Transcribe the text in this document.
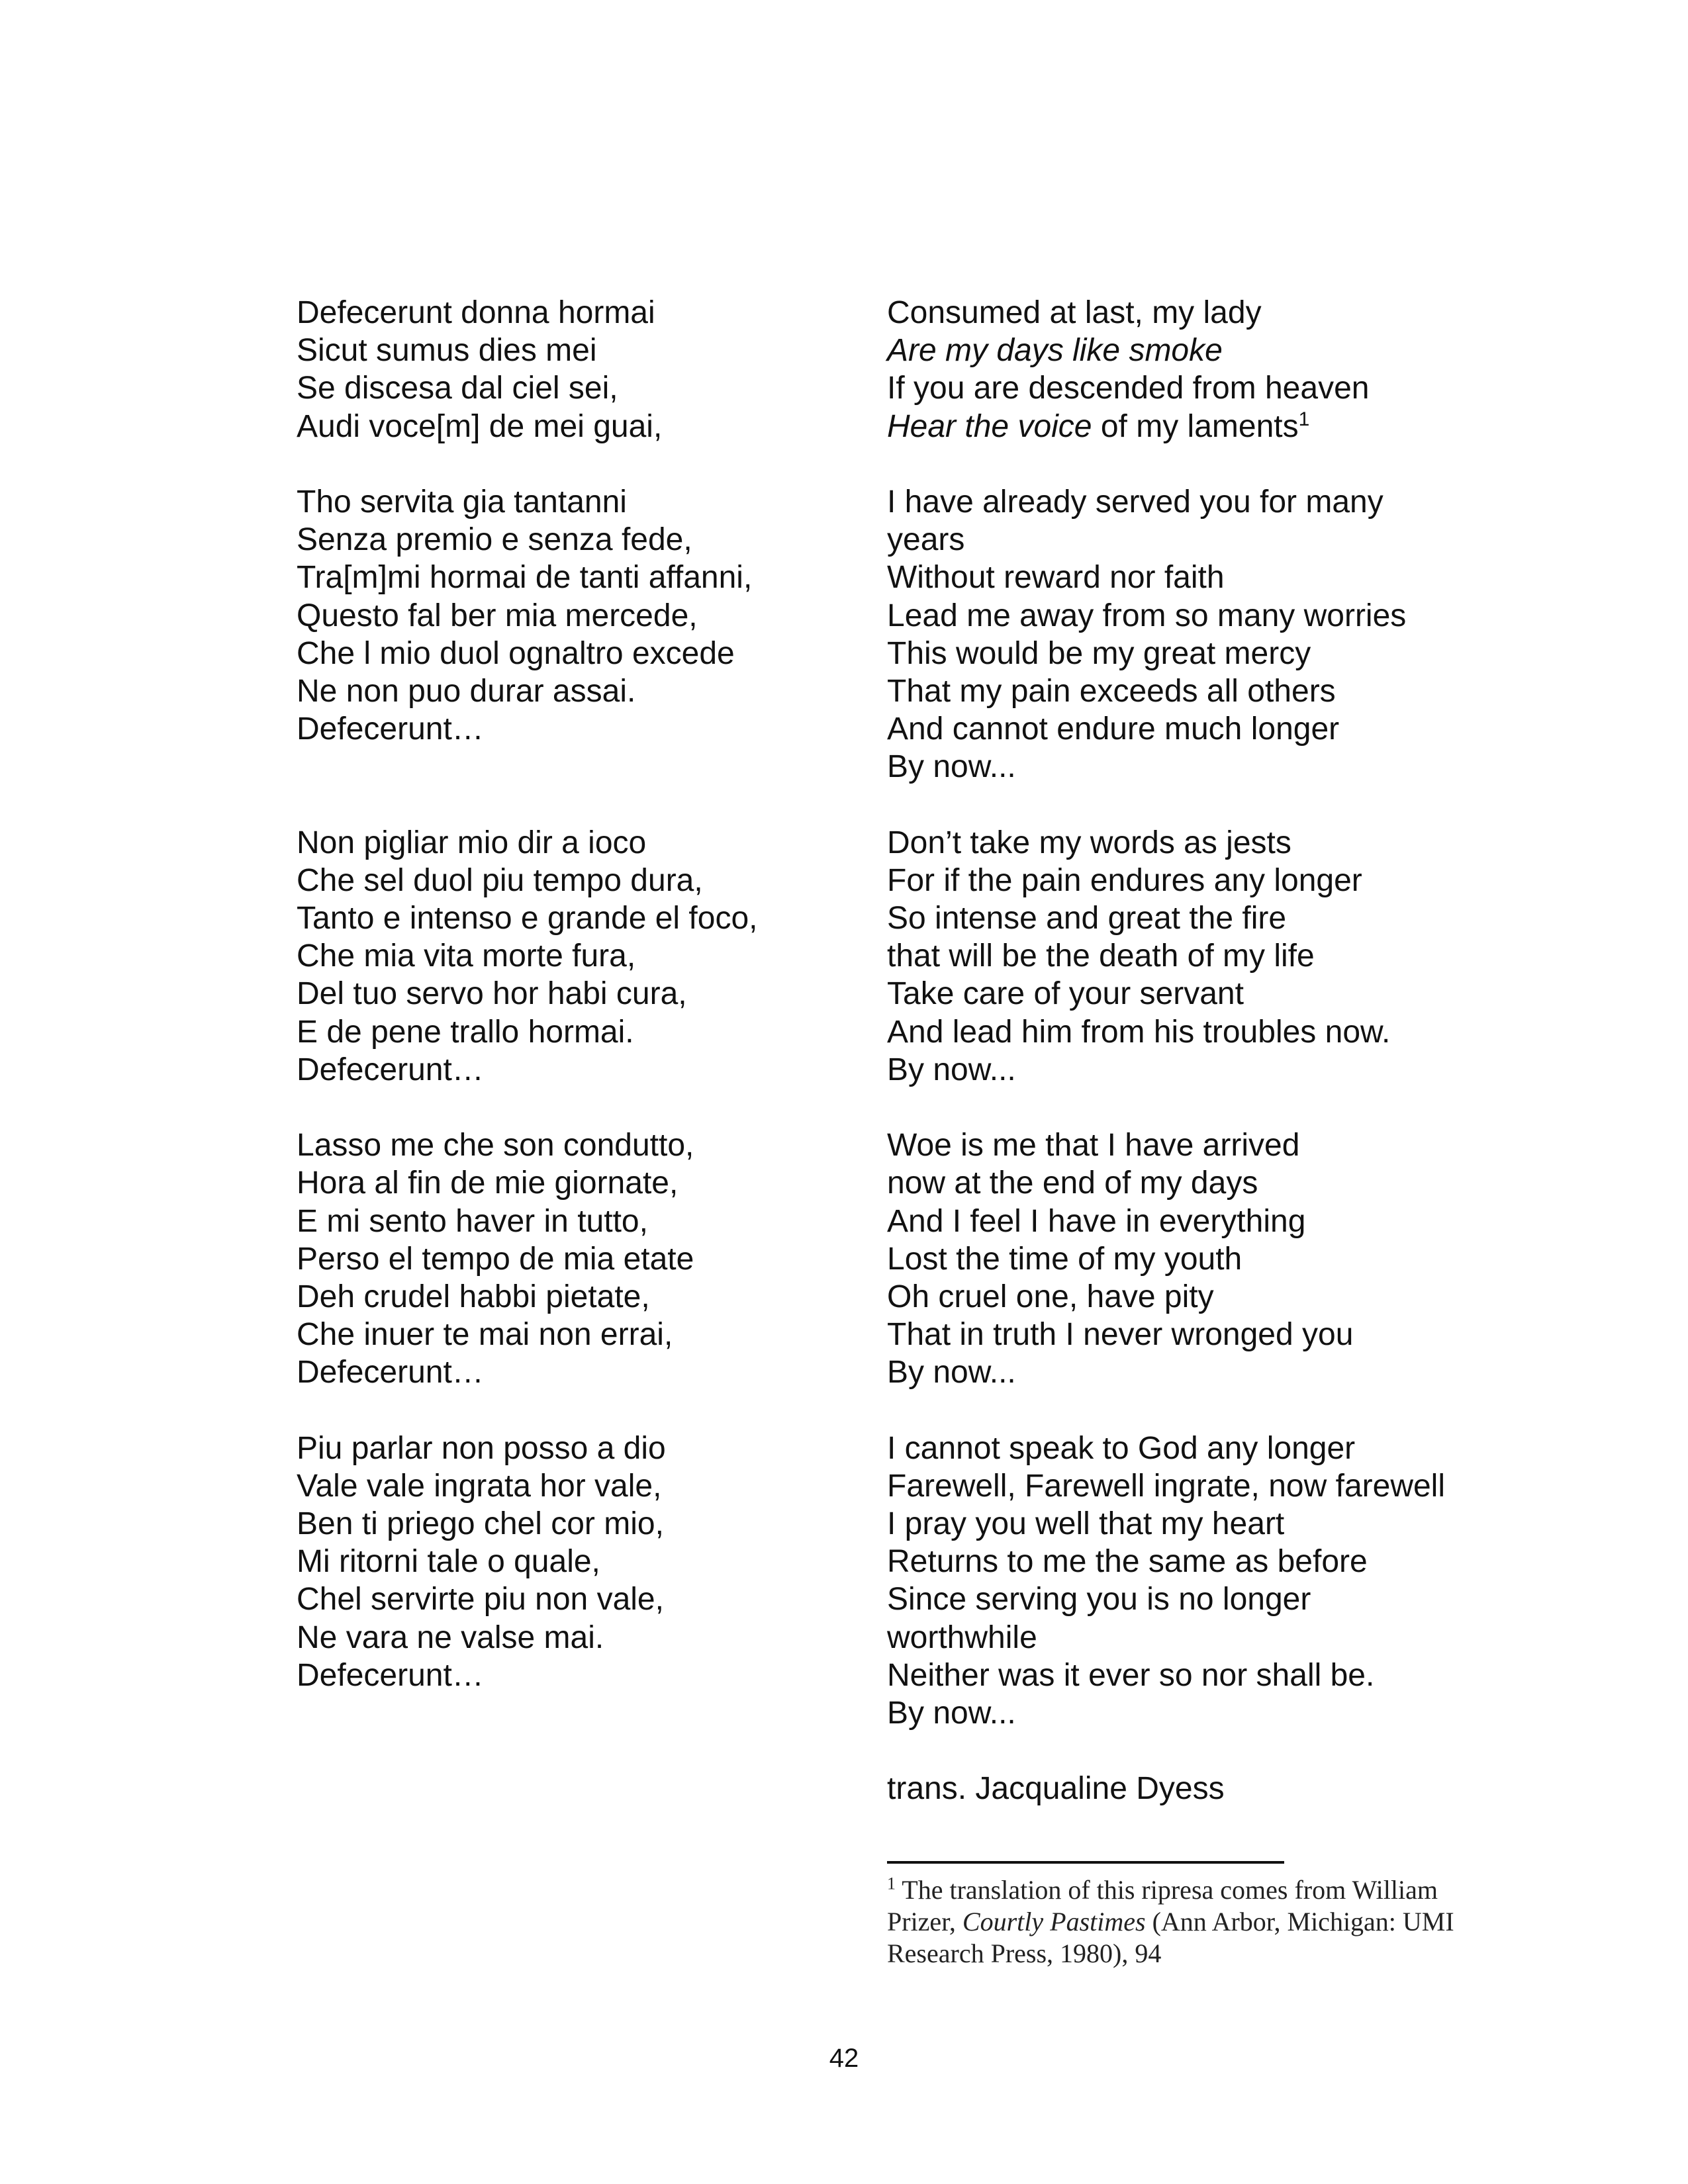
Defecerunt donna hormai
Sicut sumus dies mei
Se discesa dal ciel sei,
Audi voce[m] de mei guai,
Tho servita gia tantanni
Senza premio e senza fede,
Tra[m]mi hormai de tanti affanni,
Questo fal ber mia mercede,
Che l mio duol ognaltro excede
Ne non puo durar assai.
Defecerunt…
Non pigliar mio dir a ioco
Che sel duol piu tempo dura,
Tanto e intenso e grande el foco,
Che mia vita morte fura,
Del tuo servo hor habi cura,
E de pene trallo hormai.
Defecerunt…
Lasso me che son condutto,
Hora al fin de mie giornate,
E mi sento haver in tutto,
Perso el tempo de mia etate
Deh crudel habbi pietate,
Che inuer te mai non errai,
Defecerunt…
Piu parlar non posso a dio
Vale vale ingrata hor vale,
Ben ti priego chel cor mio,
Mi ritorni tale o quale,
Chel servirte piu non vale,
Ne vara ne valse mai.
Defecerunt…
Consumed at last, my lady
Are my days like smoke
If you are descended from heaven
Hear the voice of my laments$^1$
I have already served you for many
years
Without reward nor faith
Lead me away from so many worries
This would be my great mercy
That my pain exceeds all others
And cannot endure much longer
By now...
Don’t take my words as jests
For if the pain endures any longer
So intense and great the fire
that will be the death of my life
Take care of your servant
And lead him from his troubles now.
By now...
Woe is me that I have arrived
now at the end of my days
And I feel I have in everything
Lost the time of my youth
Oh cruel one, have pity
That in truth I never wronged you
By now...
I cannot speak to God any longer
Farewell, Farewell ingrate, now farewell
I pray you well that my heart
Returns to me the same as before
Since serving you is no longer
worthwhile
Neither was it ever so nor shall be.
By now...
trans. Jacqualine Dyess
$^1$ The translation of this ripresa comes from William Prizer, Courtly Pastimes (Ann Arbor, Michigan: UMI Research Press, 1980), 94
42
